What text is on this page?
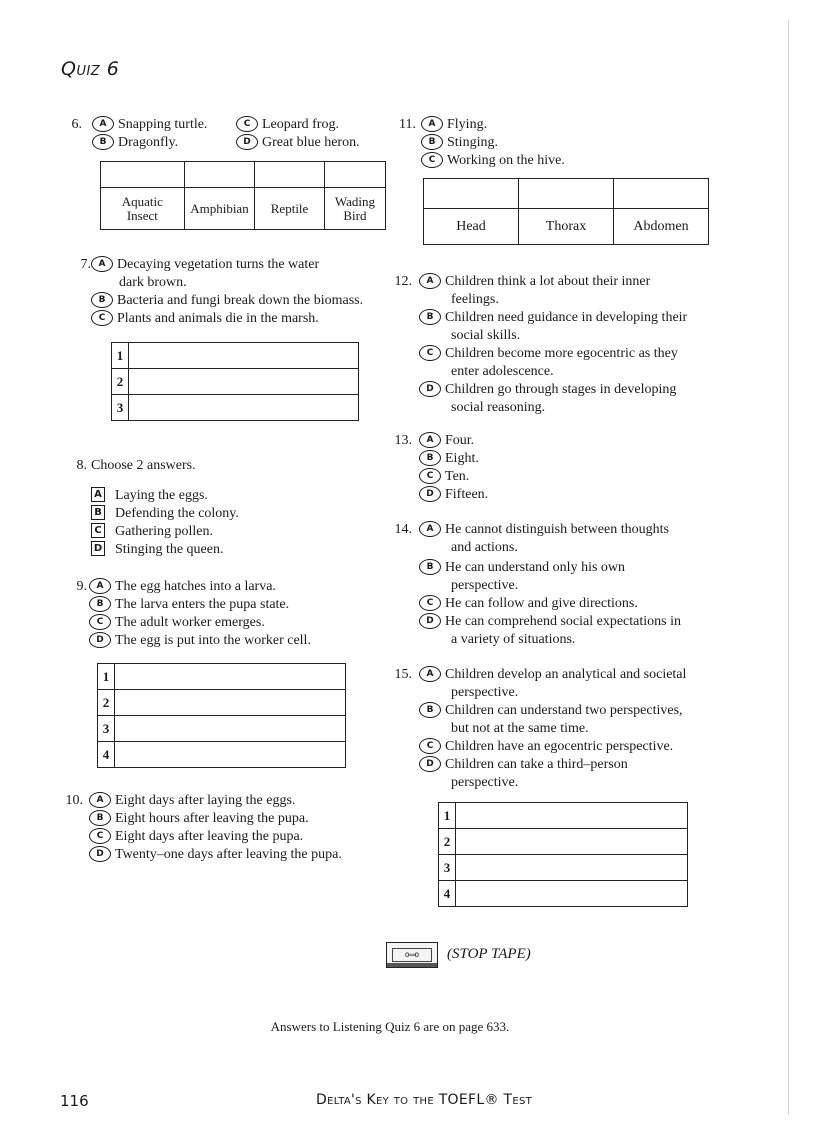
Quiz 6
6.	A Snapping turtle.
B Dragonfly.
C Leopard frog.
D Great blue heron.

Aquatic Insect	Amphibian	Reptile	Wading Bird
7. A Decaying vegetation turns the water
dark brown.
B Bacteria and fungi break down the biomass.
C Plants and animals die in the marsh.
1	
2	
3	
8. Choose 2 answers.
A Laying the eggs.
B Defending the colony.
C Gathering pollen.
D Stinging the queen.
9.	A The egg hatches into a larva.
B The larva enters the pupa state.
C The adult worker emerges.
D The egg is put into the worker cell.
1	
2	
3	
4	
10.	A Eight days after laying the eggs.
B Eight hours after leaving the pupa.
C Eight days after leaving the pupa.
D Twenty–one days after leaving the pupa.
11.	A Flying.
B Stinging.
C Working on the hive.

Head	Thorax	Abdomen
12.	A Children think a lot about their inner
feelings.
B Children need guidance in developing their
social skills.
C Children become more egocentric as they
enter adolescence.
D Children go through stages in developing
social reasoning.
13.	A Four.
B Eight.
C Ten.
D Fifteen.
14.	A He cannot distinguish between thoughts
and actions.
B He can understand only his own
perspective.
C He can follow and give directions.
D He can comprehend social expectations in
a variety of situations.
15.	A Children develop an analytical and societal
perspective.
B Children can understand two perspectives,
but not at the same time.
C Children have an egocentric perspective.
D Children can take a third–person
perspective.
1	
2	
3	
4	
o▭o	(STOP TAPE)
Answers to Listening Quiz 6 are on page 633.
116	Delta's Key to the TOEFL® Test
